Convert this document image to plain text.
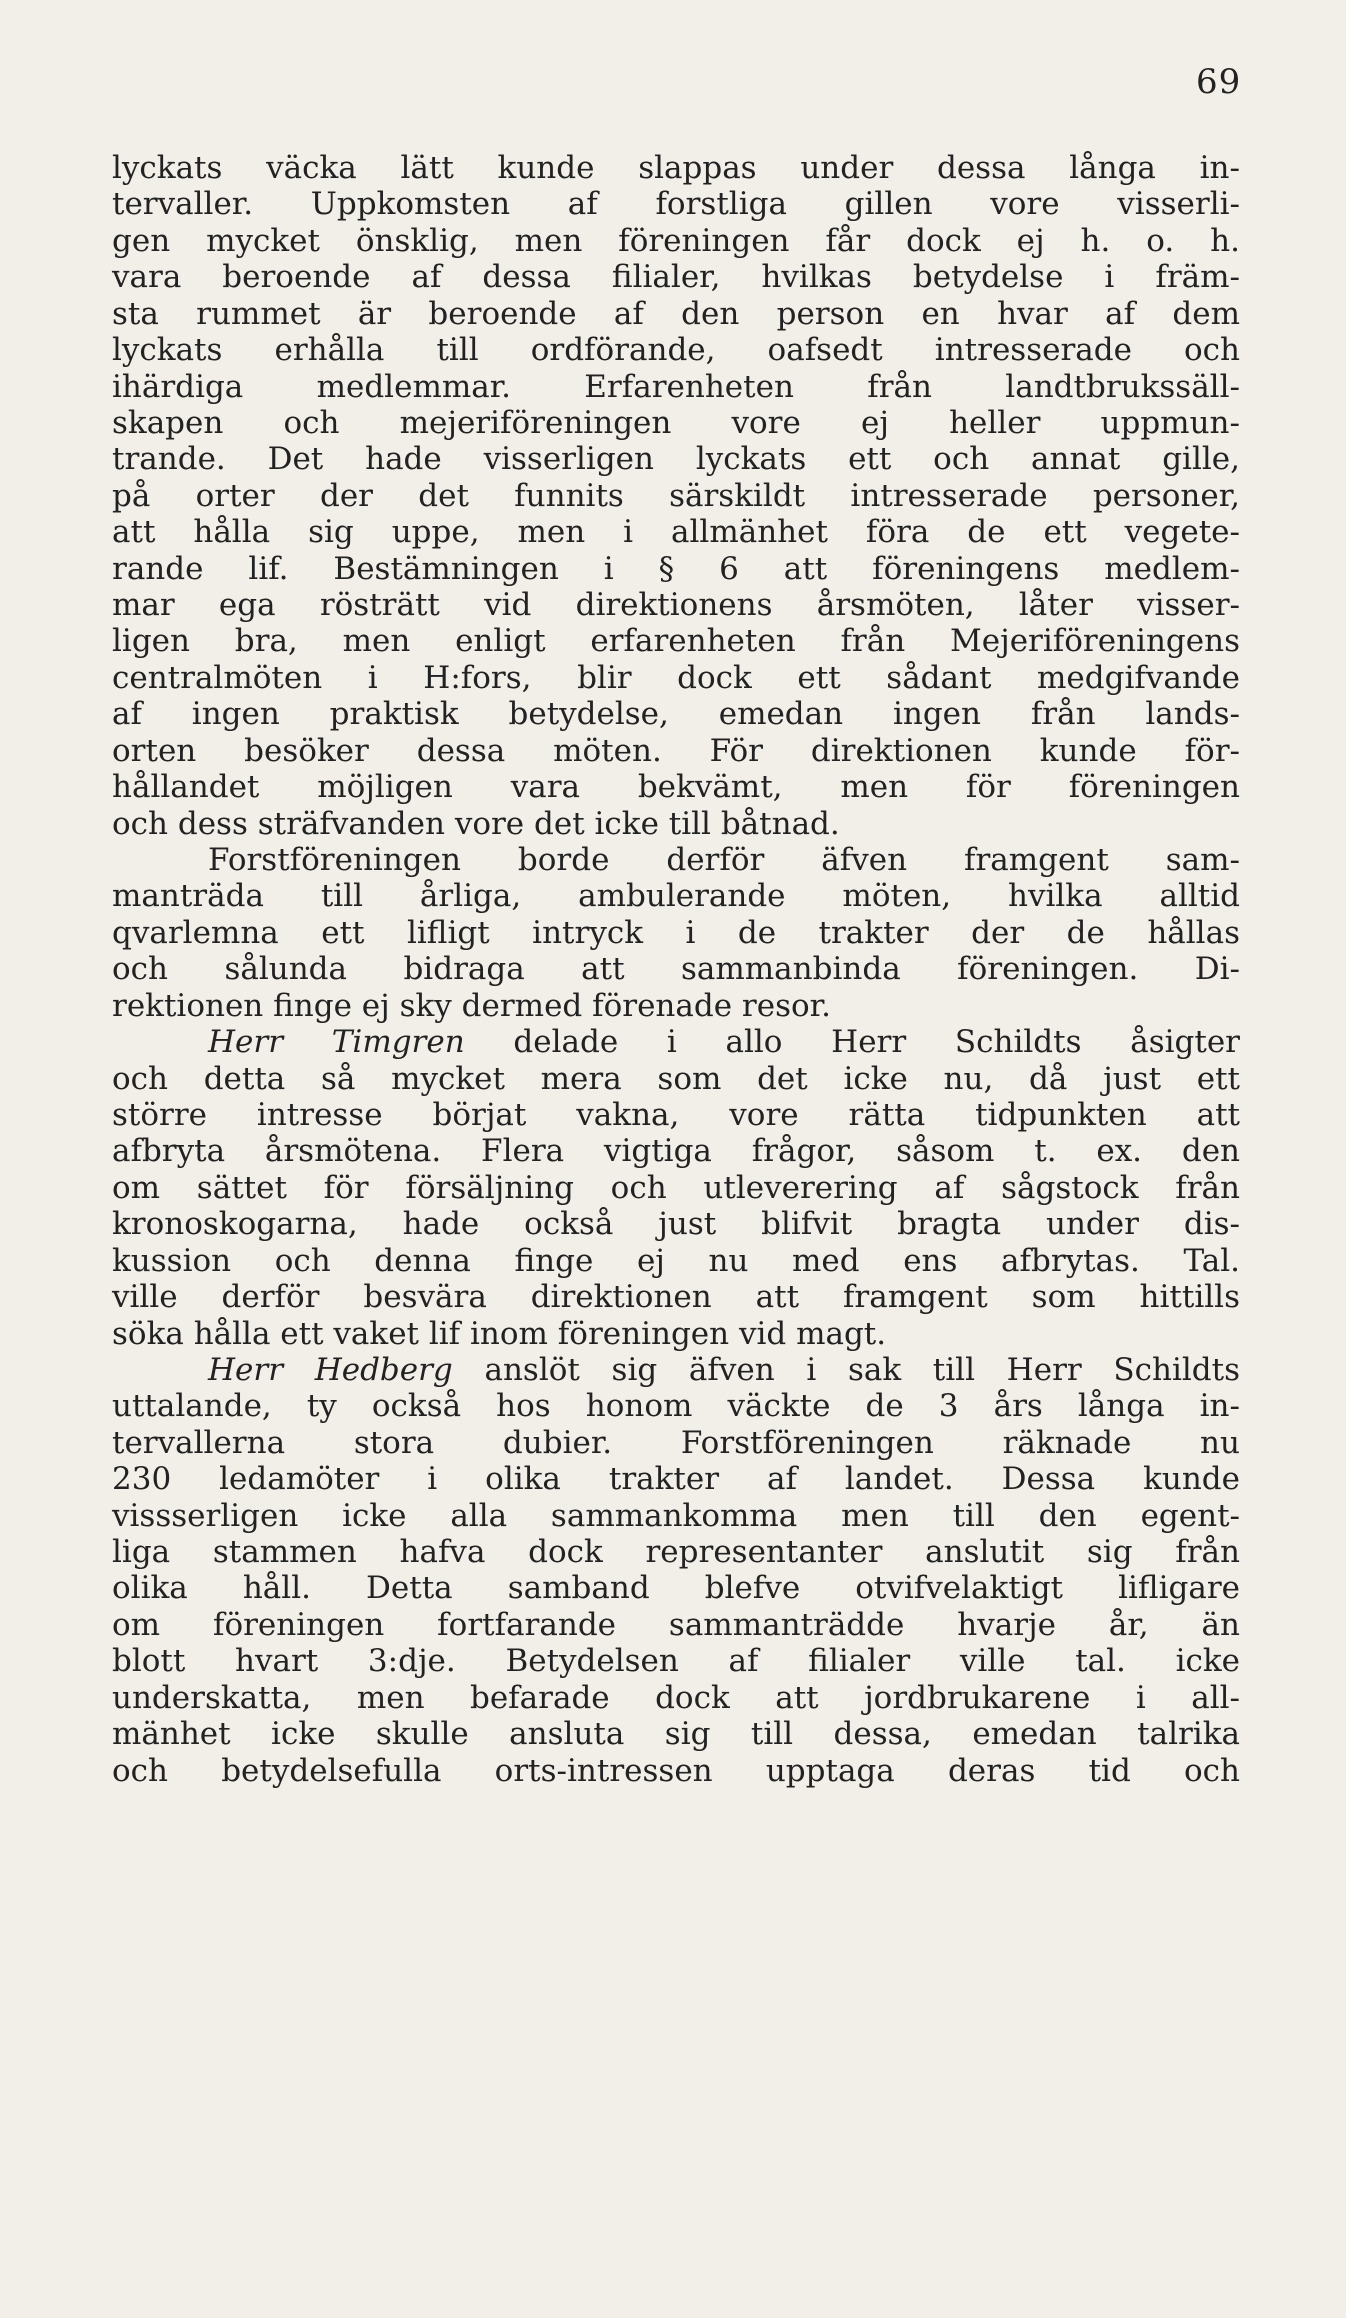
69
lyckats väcka lätt kunde slappas under dessa långa in-
tervaller. Uppkomsten af forstliga gillen vore visserli-
gen mycket önsklig, men föreningen får dock ej h. o. h.
vara beroende af dessa filialer, hvilkas betydelse i främ-
sta rummet är beroende af den person en hvar af dem
lyckats erhålla till ordförande, oafsedt intresserade och
ihärdiga medlemmar. Erfarenheten från landtbrukssäll-
skapen och mejeriföreningen vore ej heller uppmun-
trande. Det hade visserligen lyckats ett och annat gille,
på orter der det funnits särskildt intresserade personer,
att hålla sig uppe, men i allmänhet föra de ett vegete-
rande lif. Bestämningen i § 6 att föreningens medlem-
mar ega rösträtt vid direktionens årsmöten, låter visser-
ligen bra, men enligt erfarenheten från Mejeriföreningens
centralmöten i H:fors, blir dock ett sådant medgifvande
af ingen praktisk betydelse, emedan ingen från lands-
orten besöker dessa möten. För direktionen kunde för-
hållandet möjligen vara bekvämt, men för föreningen
och dess sträfvanden vore det icke till båtnad.
Forstföreningen borde derför äfven framgent sam-
manträda till årliga, ambulerande möten, hvilka alltid
qvarlemna ett lifligt intryck i de trakter der de hållas
och sålunda bidraga att sammanbinda föreningen. Di-
rektionen finge ej sky dermed förenade resor.
Herr Timgren delade i allo Herr Schildts åsigter
och detta så mycket mera som det icke nu, då just ett
större intresse börjat vakna, vore rätta tidpunkten att
afbryta årsmötena. Flera vigtiga frågor, såsom t. ex. den
om sättet för försäljning och utleverering af sågstock från
kronoskogarna, hade också just blifvit bragta under dis-
kussion och denna finge ej nu med ens afbrytas. Tal.
ville derför besvära direktionen att framgent som hittills
söka hålla ett vaket lif inom föreningen vid magt.
Herr Hedberg anslöt sig äfven i sak till Herr Schildts
uttalande, ty också hos honom väckte de 3 års långa in-
tervallerna stora dubier. Forstföreningen räknade nu
230 ledamöter i olika trakter af landet. Dessa kunde
vissserligen icke alla sammankomma men till den egent-
liga stammen hafva dock representanter anslutit sig från
olika håll. Detta samband blefve otvifvelaktigt lifligare
om föreningen fortfarande sammanträdde hvarje år, än
blott hvart 3:dje. Betydelsen af filialer ville tal. icke
underskatta, men befarade dock att jordbrukarene i all-
mänhet icke skulle ansluta sig till dessa, emedan talrika
och betydelsefulla orts-intressen upptaga deras tid och
